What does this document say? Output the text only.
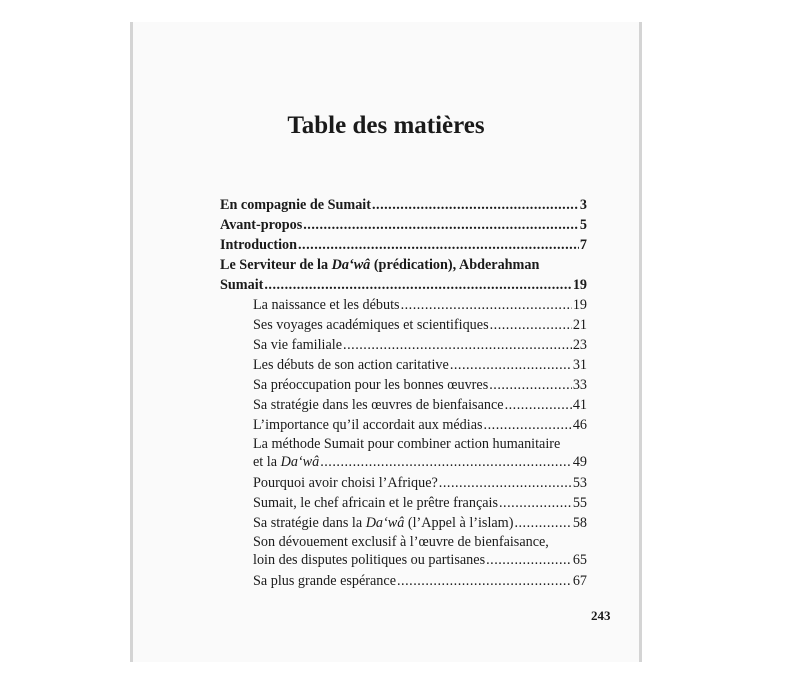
Table des matières
En compagnie de Sumait .....	3
Avant-propos .....	5
Introduction .....	7
Le Serviteur de la Da‘wâ (prédication), Abderahman
Sumait .....	19
La naissance et les débuts .....	19
Ses voyages académiques et scientifiques .....	21
Sa vie familiale .....	23
Les débuts de son action caritative .....	31
Sa préoccupation pour les bonnes œuvres .....	33
Sa stratégie dans les œuvres de bienfaisance .....	41
L’importance qu’il accordait aux médias .....	46
La méthode Sumait pour combiner action humanitaire
et la Da‘wâ .....	49
Pourquoi avoir choisi l’Afrique? .....	53
Sumait, le chef africain et le prêtre français .....	55
Sa stratégie dans la Da‘wâ (l’Appel à l’islam) .....	58
Son dévouement exclusif à l’œuvre de bienfaisance,
loin des disputes politiques ou partisanes .....	65
Sa plus grande espérance .....	67
243
